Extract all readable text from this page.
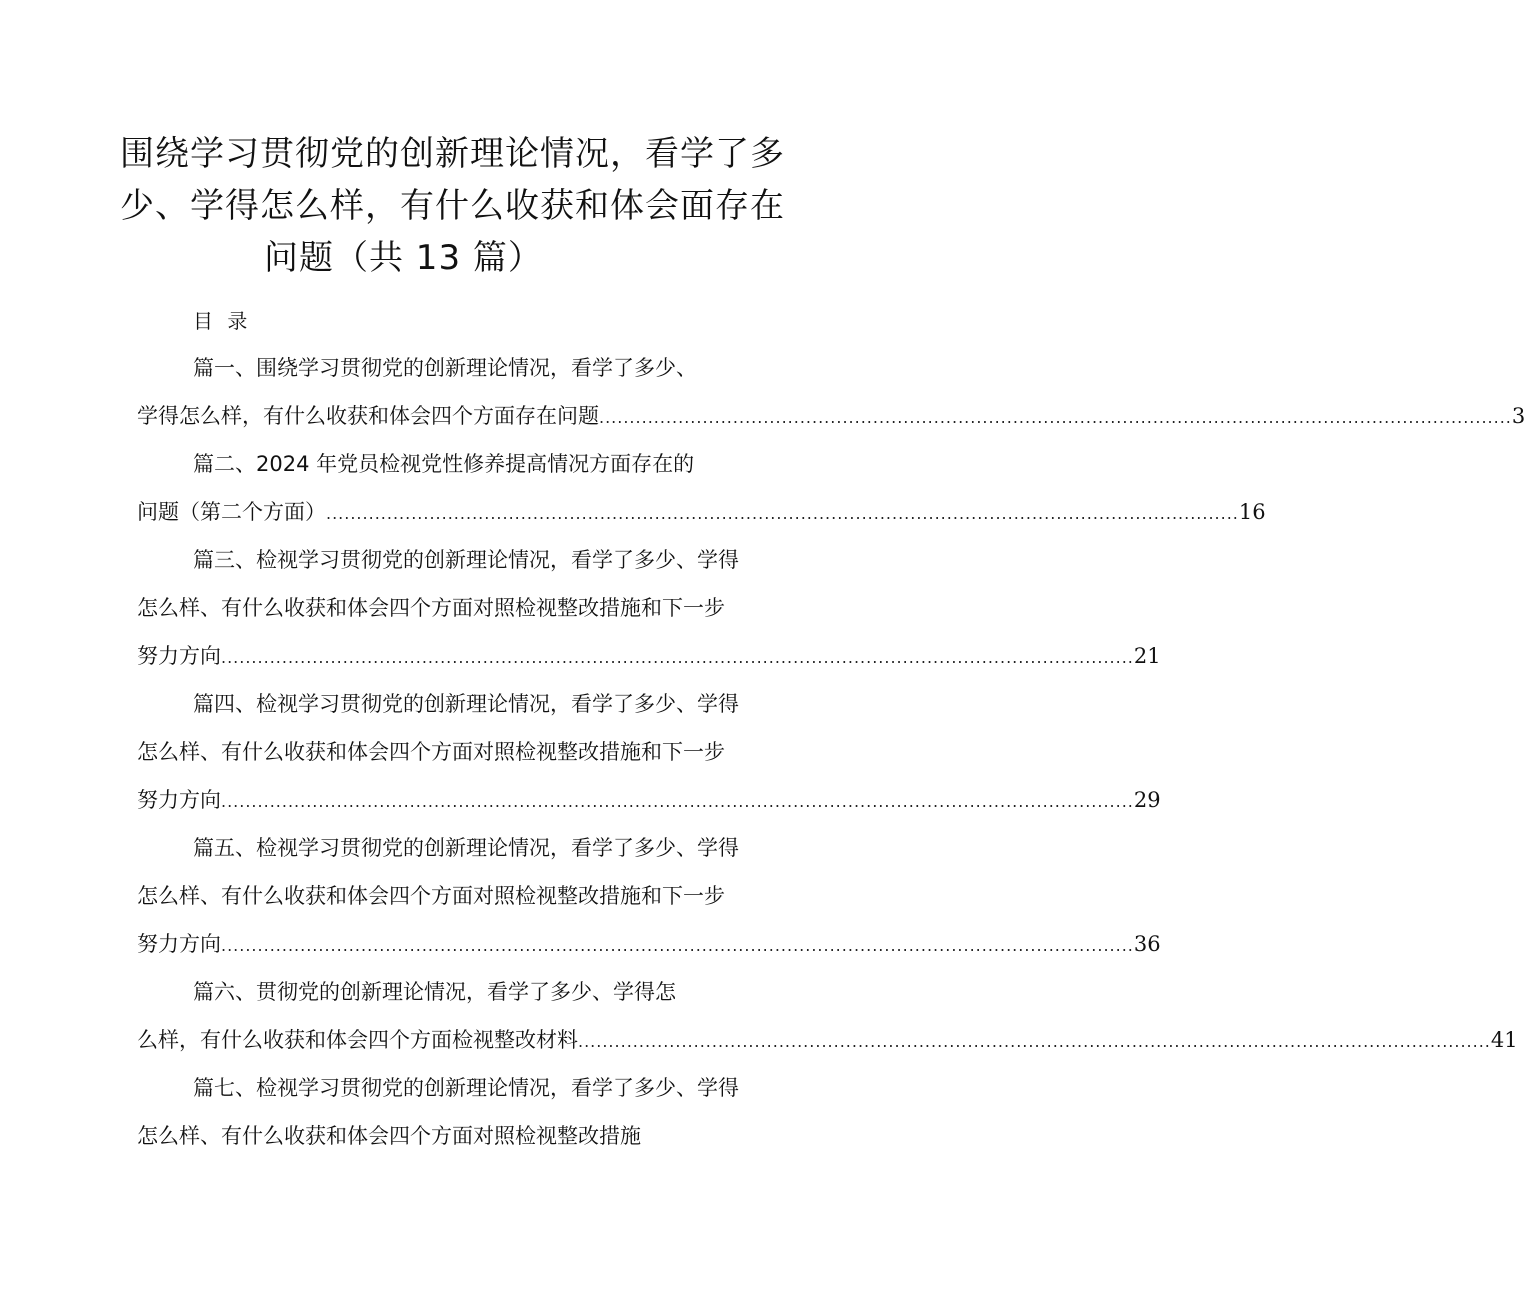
围绕学习贯彻党的创新理论情况，看学了多
少、学得怎么样，有什么收获和体会面存在
问题（共 13 篇）
目 录
篇一、围绕学习贯彻党的创新理论情况，看学了多少、
学得怎么样，有什么收获和体会四个方面存在问题 ...................................................................................................................................................... 3
篇二、2024 年党员检视党性修养提高情况方面存在的
问题（第二个方面） ...................................................................................................................................................... 16
篇三、检视学习贯彻党的创新理论情况，看学了多少、学得
怎么样、有什么收获和体会四个方面对照检视整改措施和下一步
努力方向 ...................................................................................................................................................... 21
篇四、检视学习贯彻党的创新理论情况，看学了多少、学得
怎么样、有什么收获和体会四个方面对照检视整改措施和下一步
努力方向 ...................................................................................................................................................... 29
篇五、检视学习贯彻党的创新理论情况，看学了多少、学得
怎么样、有什么收获和体会四个方面对照检视整改措施和下一步
努力方向 ...................................................................................................................................................... 36
篇六、贯彻党的创新理论情况，看学了多少、学得怎
么样，有什么收获和体会四个方面检视整改材料 ...................................................................................................................................................... 41
篇七、检视学习贯彻党的创新理论情况，看学了多少、学得
怎么样、有什么收获和体会四个方面对照检视整改措施
